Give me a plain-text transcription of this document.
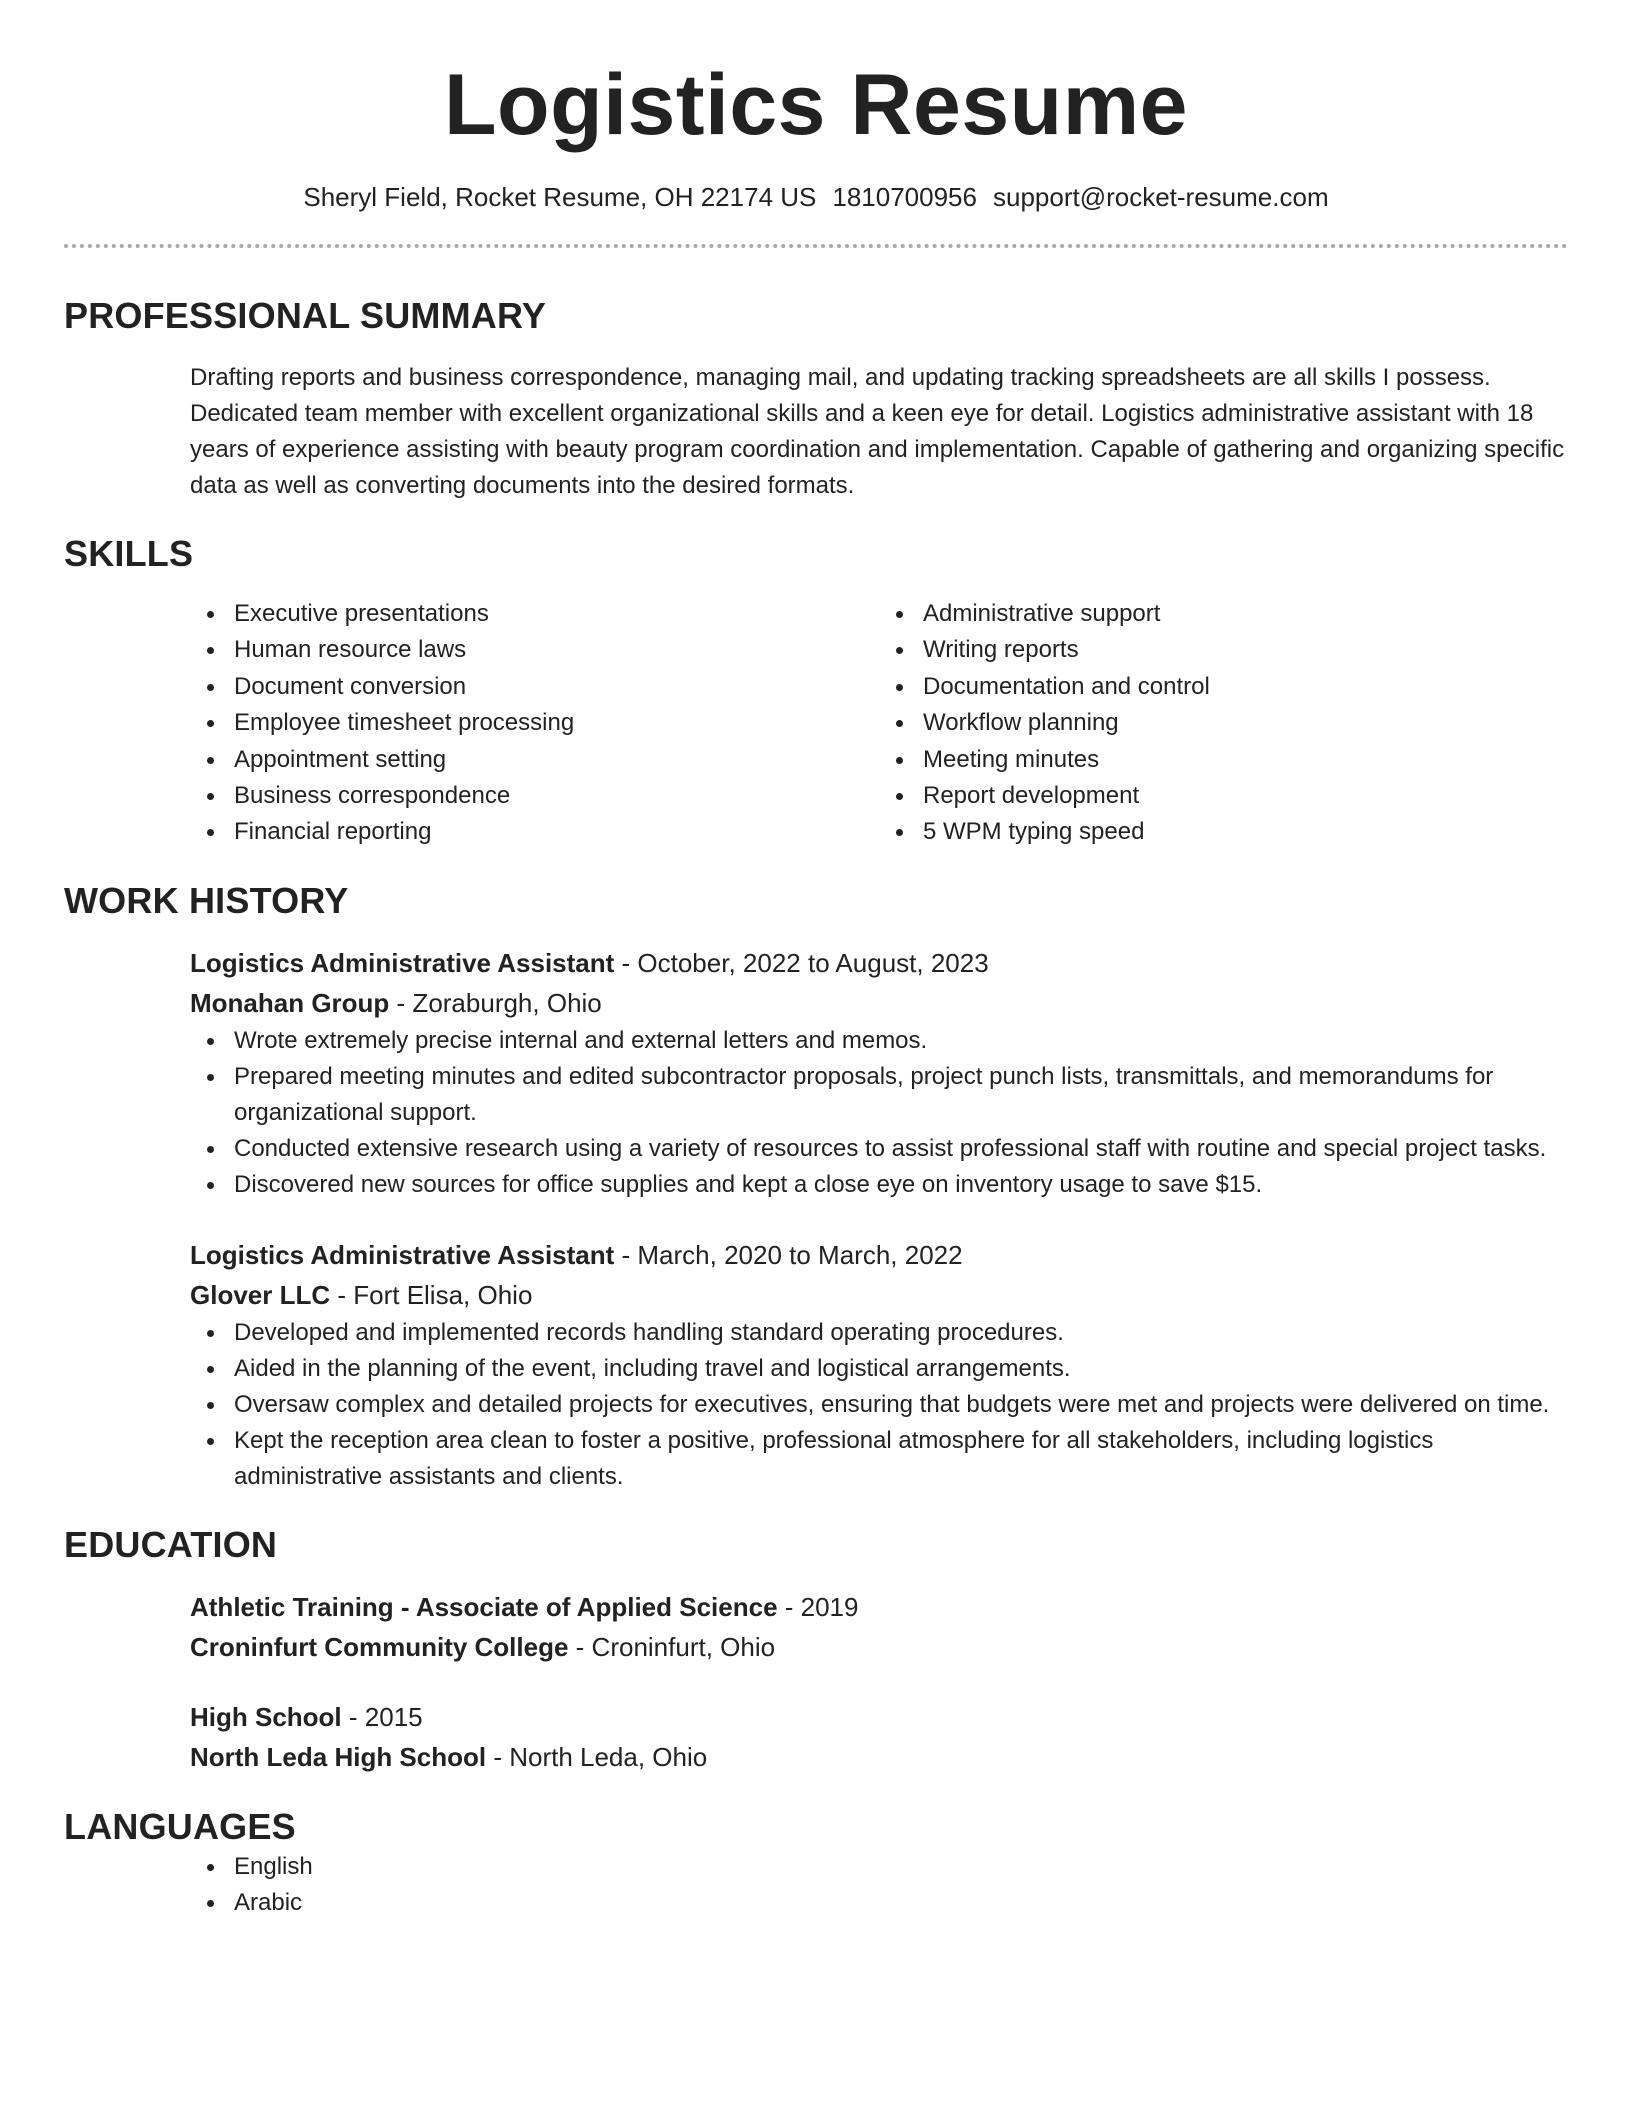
Logistics Resume
Sheryl Field, Rocket Resume, OH 22174 US 1810700956 support@rocket-resume.com
PROFESSIONAL SUMMARY
Drafting reports and business correspondence, managing mail, and updating tracking spreadsheets are all skills I possess. Dedicated team member with excellent organizational skills and a keen eye for detail. Logistics administrative assistant with 18 years of experience assisting with beauty program coordination and implementation. Capable of gathering and organizing specific data as well as converting documents into the desired formats.
SKILLS
Executive presentations
Human resource laws
Document conversion
Employee timesheet processing
Appointment setting
Business correspondence
Financial reporting
Administrative support
Writing reports
Documentation and control
Workflow planning
Meeting minutes
Report development
5 WPM typing speed
WORK HISTORY
Logistics Administrative Assistant - October, 2022 to August, 2023
Monahan Group - Zoraburgh, Ohio
Wrote extremely precise internal and external letters and memos.
Prepared meeting minutes and edited subcontractor proposals, project punch lists, transmittals, and memorandums for organizational support.
Conducted extensive research using a variety of resources to assist professional staff with routine and special project tasks.
Discovered new sources for office supplies and kept a close eye on inventory usage to save $15.
Logistics Administrative Assistant - March, 2020 to March, 2022
Glover LLC - Fort Elisa, Ohio
Developed and implemented records handling standard operating procedures.
Aided in the planning of the event, including travel and logistical arrangements.
Oversaw complex and detailed projects for executives, ensuring that budgets were met and projects were delivered on time.
Kept the reception area clean to foster a positive, professional atmosphere for all stakeholders, including logistics administrative assistants and clients.
EDUCATION
Athletic Training - Associate of Applied Science - 2019
Croninfurt Community College - Croninfurt, Ohio
High School - 2015
North Leda High School - North Leda, Ohio
LANGUAGES
English
Arabic
